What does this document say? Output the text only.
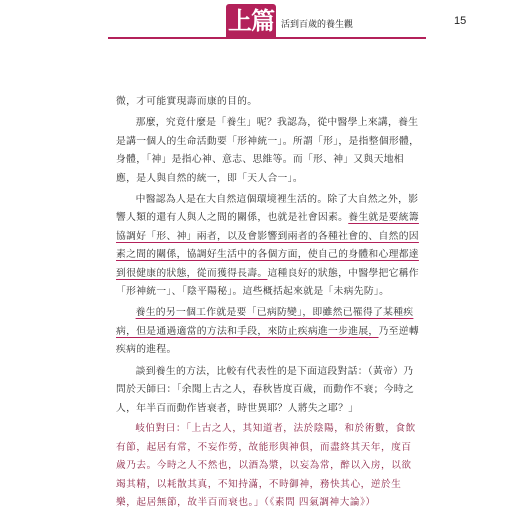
上篇 活到百歲的養生觀	15

微，才可能實現壽而康的目的。

那麼，究竟什麼是「養生」呢？我認為，從中醫學上來講，養生是講一個人的生命活動要「形神統一」。所謂「形」，是指整個形體，身體，「神」是指心神、意志、思維等。而「形、神」又與天地相應，是人與自然的統一，即「天人合一」。

中醫認為人是在大自然這個環境裡生活的。除了大自然之外，影響人類的還有人與人之間的關係，也就是社會因素。養生就是要統籌協調好「形、神」兩者，以及會影響到兩者的各種社會的、自然的因素之間的關係，協調好生活中的各個方面，使自己的身體和心理都達到很健康的狀態，從而獲得長壽。這種良好的狀態，中醫學把它稱作「形神統一」、「陰平陽秘」。這些概括起來就是「未病先防」。

養生的另一個工作就是要「已病防變」，即雖然已罹得了某種疾病，但是通過適當的方法和手段，來防止疾病進一步進展，乃至逆轉疾病的進程。

談到養生的方法，比較有代表性的是下面這段對話：（黃帝）乃問於天師曰：「余聞上古之人，春秋皆度百歲，而動作不衰；今時之人，年半百而動作皆衰者，時世異耶？人將失之耶？」

岐伯對曰：「上古之人，其知道者，法於陰陽，和於術數，食飲有節，起居有常，不妄作勞，故能形與神俱，而盡終其天年，度百歲乃去。今時之人不然也，以酒為漿，以妄為常，醉以入房，以欲竭其精，以耗散其真，不知持滿，不時御神，務快其心，逆於生樂，起居無節，故半百而衰也。」（《素問 四氣調神大論》）
